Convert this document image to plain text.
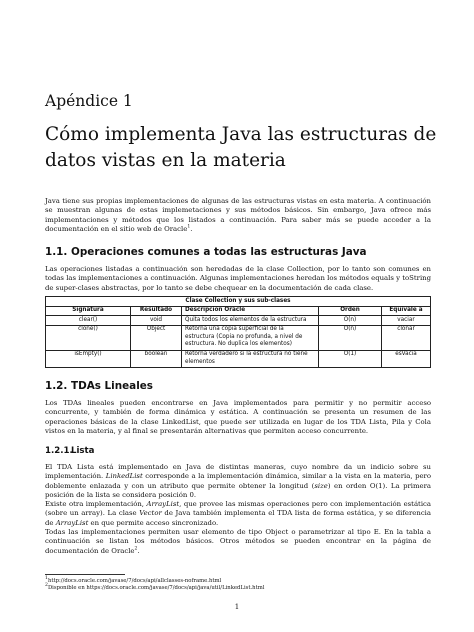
Apéndice 1
Cómo implementa Java las estructuras de datos vistas en la materia

Java tiene sus propias implementaciones de algunas de las estructuras vistas en esta materia. A continuación se muestran algunas de estas implemetaciones y sus métodos básicos. Sin embargo, Java ofrece más implementaciones y métodos que los listados a continuación. Para saber más se puede acceder a la documentación en el sitio web de Oracle$^1$.

1.1. Operaciones comunes a todas las estructuras Java

Las operaciones listadas a continuación son heredadas de la clase Collection, por lo tanto son comunes en todas las implementaciones a continuación. Algunas implementaciones heredan los métodos equals y toString de super-clases abstractas, por lo tanto se debe chequear en la documentación de cada clase.

Clase Collection y sus sub-clases				
Signatura	Resultado	Descripción Oracle	Orden	Equivale a
clear()	void	Quita todos los elementos de la estructura	O(n)	vaciar
clone()	Object	Retorna una copia superficial de la estructura (Copia no profunda, a nivel de estructura. No duplica los elementos)	O(n)	clonar
isEmpty()	boolean	Retorna verdadero si la estructura no tiene elementos	O(1)	esVacia
1.2. TDAs Lineales

Los TDAs lineales pueden encontrarse en Java implementados para permitir y no permitir acceso concurrente, y también de forma dinámica y estática. A continuación se presenta un resumen de las operaciones básicas de la clase LinkedList, que puede ser utilizada en lugar de los TDA Lista, Pila y Cola vistos en la materia, y al final se presentarán alternativas que permiten acceso concurrente.

1.2.1.Lista

El TDA Lista está implementado en Java de distintas maneras, cuyo nombre da un indicio sobre su implementación. LinkedList corresponde a la implementación dinámica, similar a la vista en la materia, pero doblemente enlazada y con un atributo que permite obtener la longitud (size) en orden O(1). La primera posición de la lista se considera posición 0.

Existe otra implementación, ArrayList, que provee las mismas operaciones pero con implementación estática (sobre un array). La clase Vector de Java también implementa el TDA lista de forma estática, y se diferencia de ArrayList en que permite acceso sincronizado.

Todas las implementaciones permiten usar elemento de tipo Object o parametrizar al tipo E. En la tabla a continuación se listan los métodos básicos. Otros métodos se pueden encontrar en la página de documentación de Oracle$^2$.

$^1$http://docs.oracle.com/javase/7/docs/api/allclasses-noframe.html
$^2$Disponible en https://docs.oracle.com/javase/7/docs/api/java/util/LinkedList.html
1
